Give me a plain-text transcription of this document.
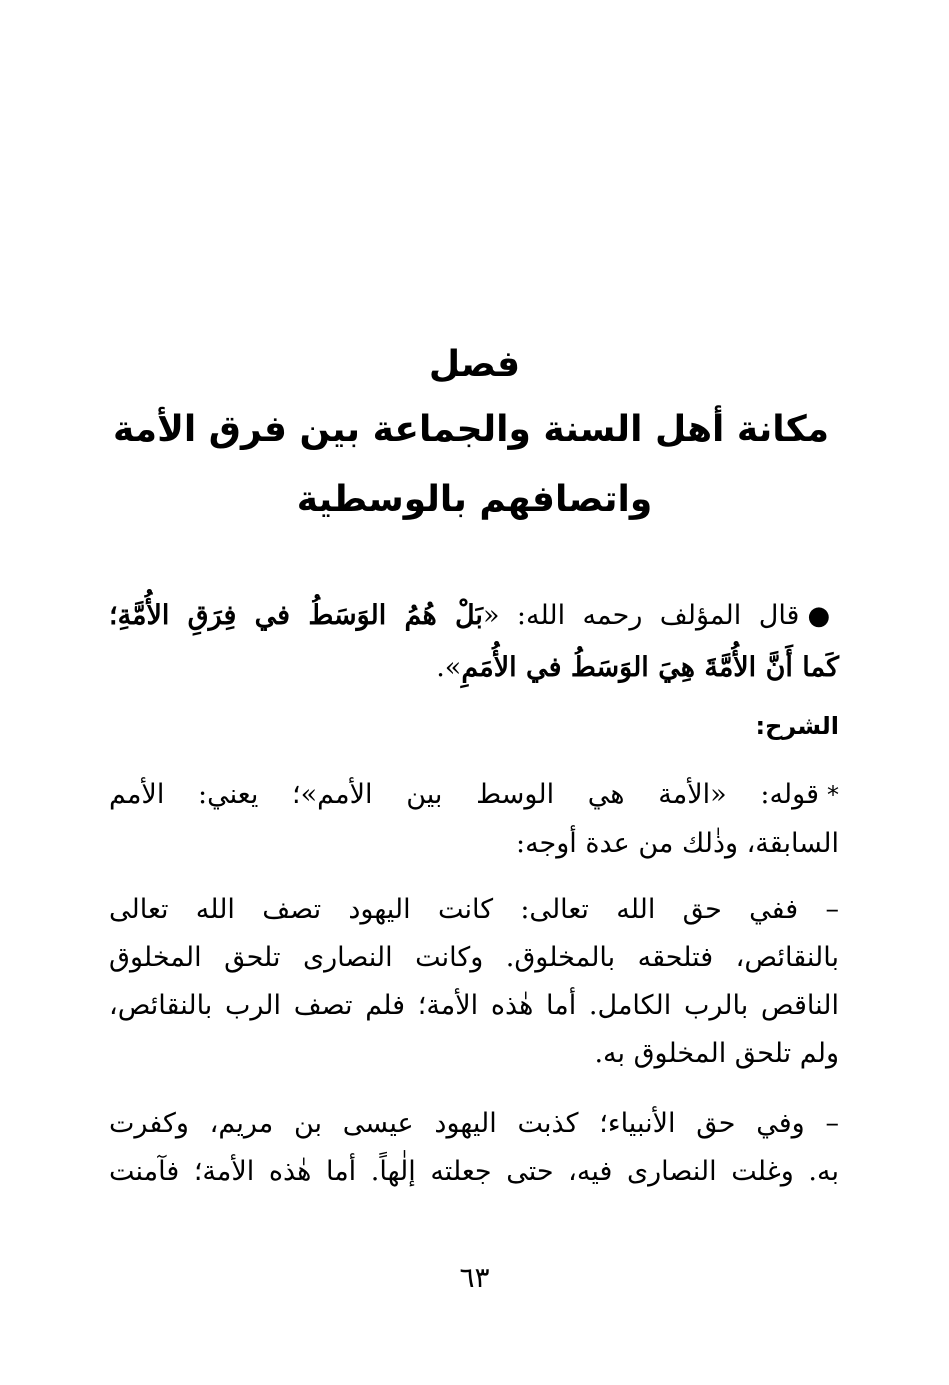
فصل
مكانة أهل السنة والجماعة بين فرق الأمة
واتصافهم بالوسطية
●قال المؤلف رحمه الله: «بَلْ هُمُ الوَسَطُ في فِرَقِ الأُمَّةِ؛
كَما أَنَّ الأُمَّةَ هِيَ الوَسَطُ في الأُمَمِ».
الشرح:
*قوله: «الأمة هي الوسط بين الأمم»؛ يعني: الأمم
السابقة، وذٰلك من عدة أوجه:
– ففي حق الله تعالى: كانت اليهود تصف الله تعالى
بالنقائص، فتلحقه بالمخلوق. وكانت النصارى تلحق المخلوق
الناقص بالرب الكامل. أما هٰذه الأمة؛ فلم تصف الرب بالنقائص،
ولم تلحق المخلوق به.
– وفي حق الأنبياء؛ كذبت اليهود عيسى بن مريم، وكفرت
به. وغلت النصارى فيه، حتى جعلته إلٰهاً. أما هٰذه الأمة؛ فآمنت
٦٣
